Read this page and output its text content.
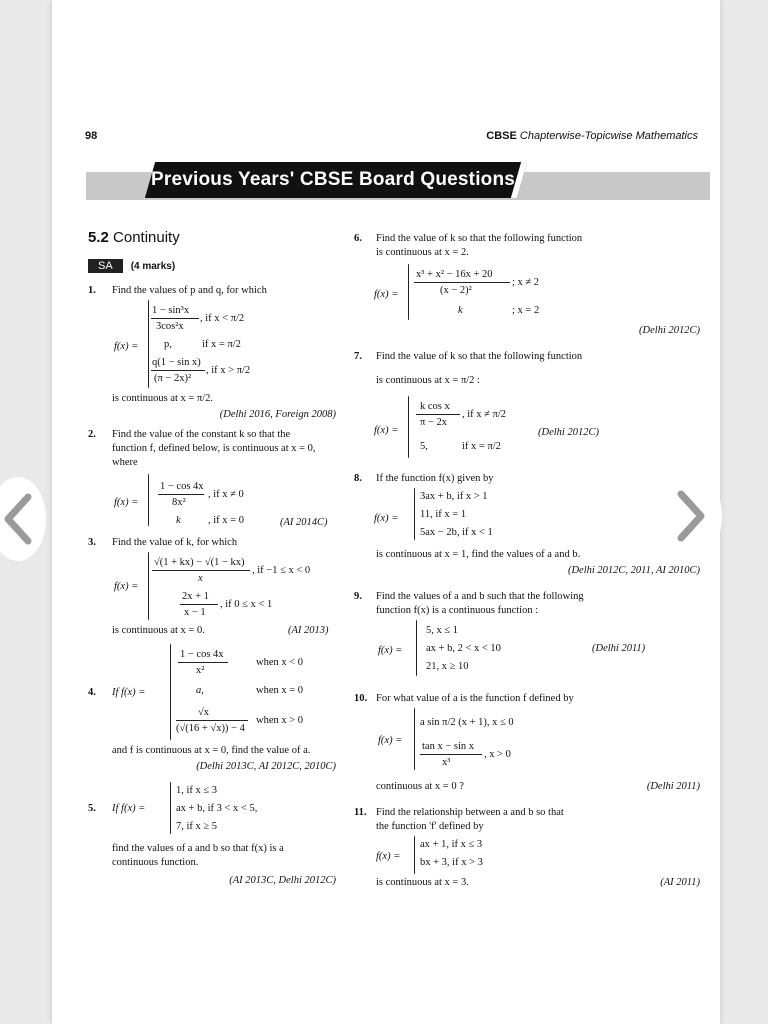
98	CBSE Chapterwise-Topicwise Mathematics
Previous Years' CBSE Board Questions
5.2 Continuity
SA	(4 marks)
1. Find the values of p and q, for which
f(x) =
1 − sin³x
3cos²x
, if x < π/2
p,	if x = π/2
q(1 − sin x)
(π − 2x)²
, if x > π/2
is continuous at x = π/2.
(Delhi 2016, Foreign 2008)
2. Find the value of the constant k so that the
function f, defined below, is continuous at x = 0,
where
f(x) =
1 − cos 4x
8x²
, if x ≠ 0
k	, if x = 0	(AI 2014C)
3. Find the value of k, for which
f(x) =
√(1 + kx) − √(1 − kx)
x
, if −1 ≤ x < 0
2x + 1
x − 1
, if 0 ≤ x < 1
is continuous at x = 0.	(AI 2013)
4. If f(x) =
1 − cos 4x
x²
when x < 0
a,	when x = 0
√x
(√(16 + √x)) − 4
when x > 0
and f is continuous at x = 0, find the value of a.
(Delhi 2013C, AI 2012C, 2010C)
5. If f(x) =
1, if x ≤ 3
ax + b, if 3 < x < 5,
7, if x ≥ 5
find the values of a and b so that f(x) is a
continuous function.
(AI 2013C, Delhi 2012C)
6. Find the value of k so that the following function
is continuous at x = 2.
f(x) =
x³ + x² − 16x + 20
(x − 2)²
; x ≠ 2
k	; x = 2
(Delhi 2012C)
7. Find the value of k so that the following function
is continuous at x = π/2 :
f(x) =
k cos x
π − 2x
, if x ≠ π/2
5,	if x = π/2
(Delhi 2012C)
8. If the function f(x) given by
f(x) =
3ax + b, if x > 1
11, if x = 1
5ax − 2b, if x < 1
is continuous at x = 1, find the values of a and b.
(Delhi 2012C, 2011, AI 2010C)
9. Find the values of a and b such that the following
function f(x) is a continuous function :
f(x) =
5, x ≤ 1
ax + b, 2 < x < 10
21, x ≥ 10
(Delhi 2011)
10. For what value of a is the function f defined by
f(x) =
a sin π/2 (x + 1), x ≤ 0
tan x − sin x
x³
, x > 0
continuous at x = 0 ?	(Delhi 2011)
11. Find the relationship between a and b so that
the function 'f' defined by
f(x) =
ax + 1, if x ≤ 3
bx + 3, if x > 3
is continuous at x = 3.	(AI 2011)
